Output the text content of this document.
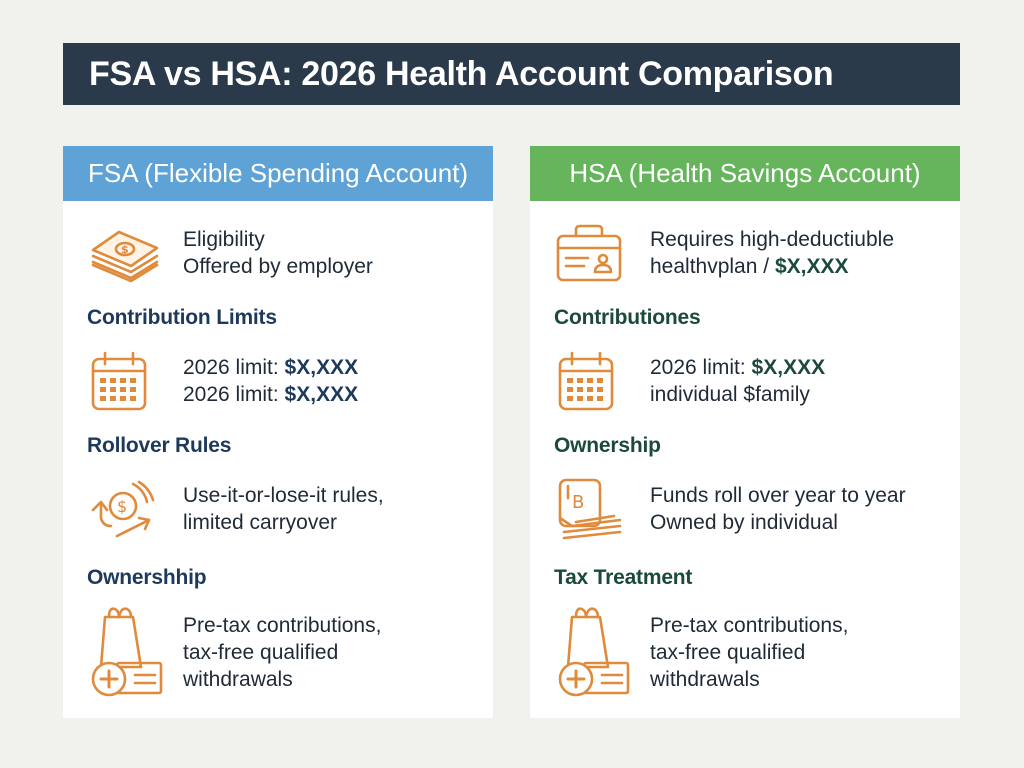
FSA vs HSA: 2026 Health Account Comparison
FSA (Flexible Spending Account)
$	Eligibility
Offered by employer
Contribution Limits
2026 limit: $X,XXX
2026 limit: $X,XXX
Rollover Rules
$	Use-it-or-lose-it rules,
limited carryover
Ownershhip
Pre-tax contributions,
tax-free qualified
withdrawals
HSA (Health Savings Account)
Requires high-deductiuble
healthvplan / $X,XXX
Contributiones
2026 limit: $X,XXX
individual $family
Ownership
B	Funds roll over year to year
Owned by individual
Tax Treatment
Pre-tax contributions,
tax-free qualified
withdrawals
